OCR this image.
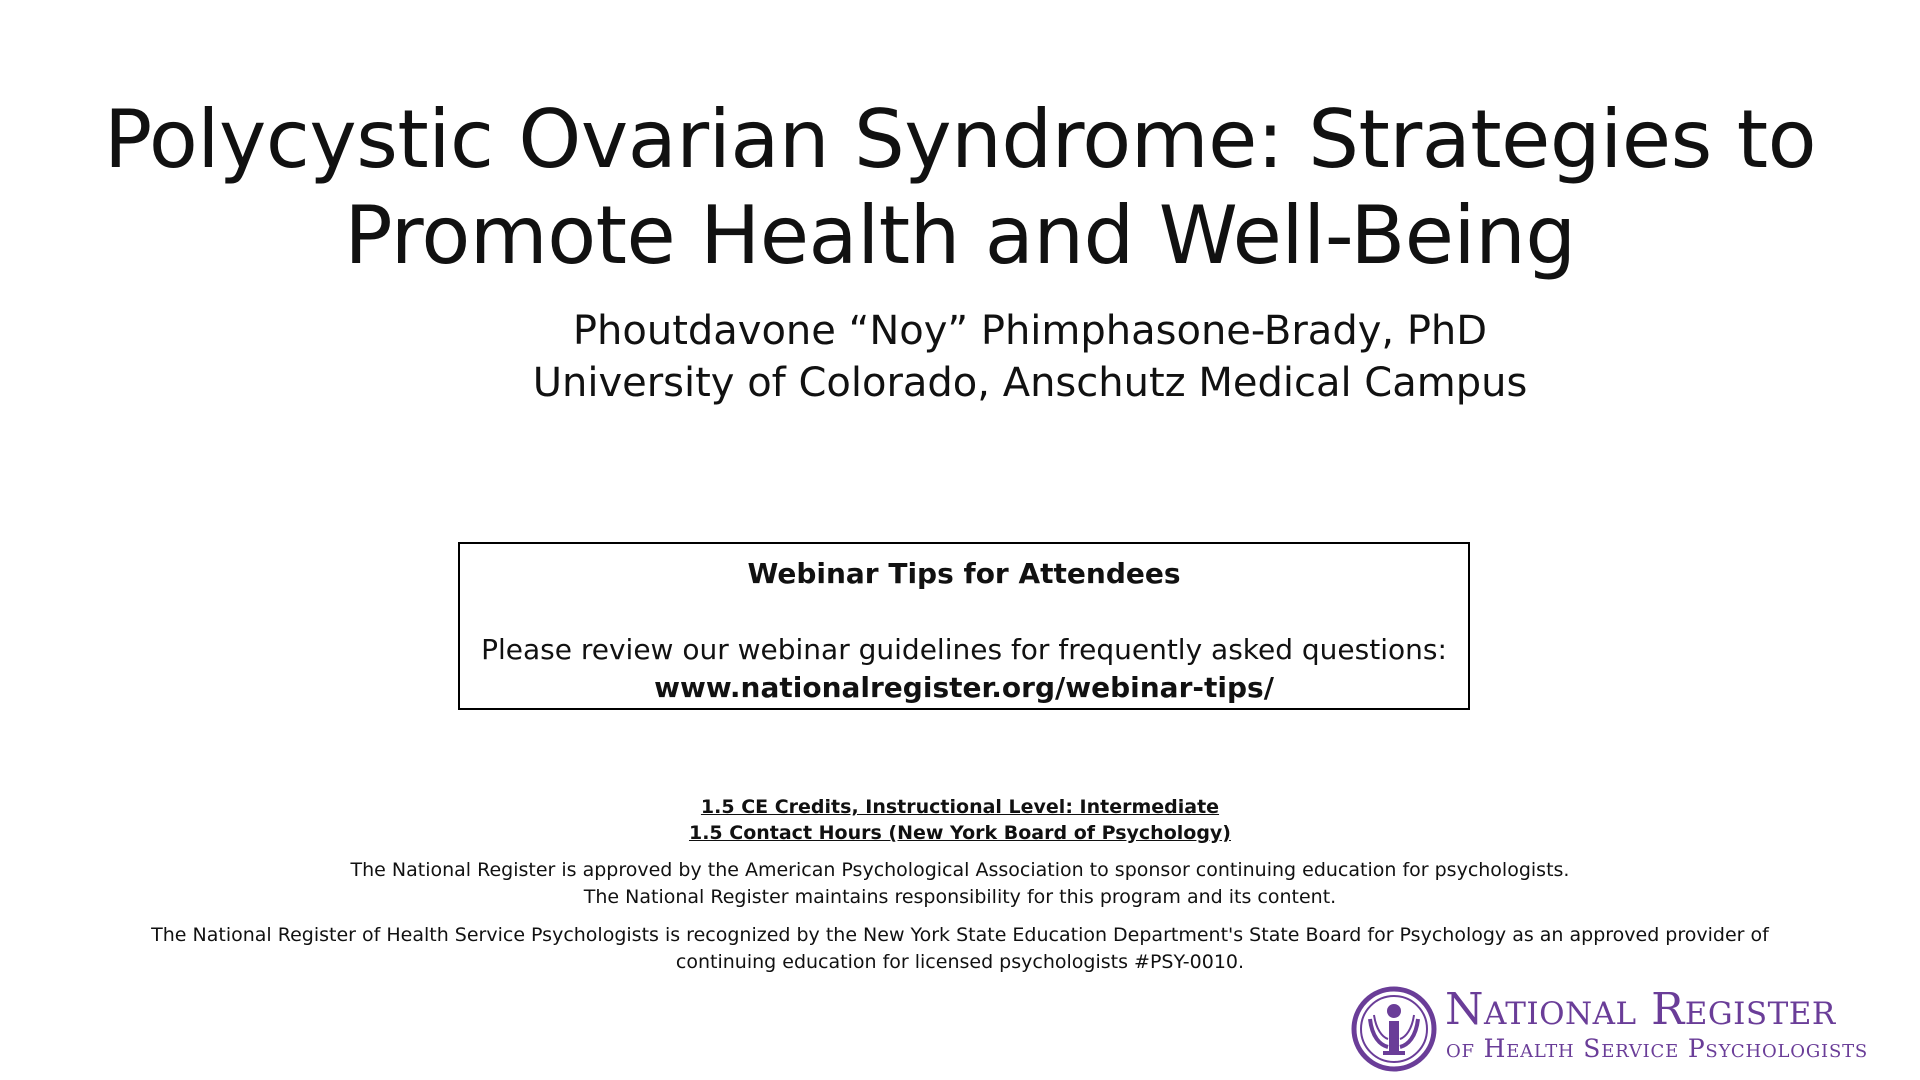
Polycystic Ovarian Syndrome: Strategies to
Promote Health and Well-Being
Phoutdavone “Noy” Phimphasone-Brady, PhD
University of Colorado, Anschutz Medical Campus
Webinar Tips for Attendees
Please review our webinar guidelines for frequently asked questions:
www.nationalregister.org/webinar-tips/
1.5 CE Credits, Instructional Level: Intermediate
1.5 Contact Hours (New York Board of Psychology)
The National Register is approved by the American Psychological Association to sponsor continuing education for psychologists.
The National Register maintains responsibility for this program and its content.
The National Register of Health Service Psychologists is recognized by the New York State Education Department's State Board for Psychology as an approved provider of
continuing education for licensed psychologists #PSY-0010.
National Register
of Health Service Psychologists
